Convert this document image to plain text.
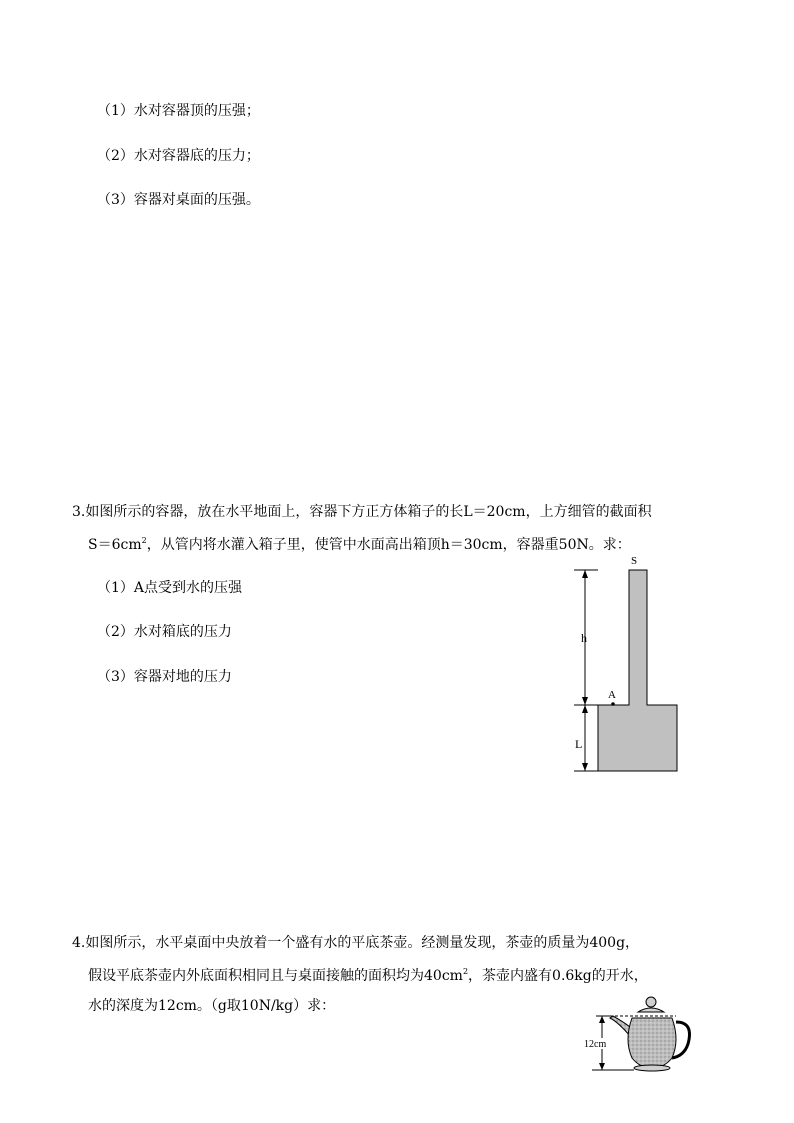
（1）水对容器顶的压强；
（2）水对容器底的压力；
（3）容器对桌面的压强。
3.如图所示的容器，放在水平地面上，容器下方正方体箱子的长L＝20cm，上方细管的截面积
$S=6cm^2$，从管内将水灌入箱子里，使管中水面高出箱顶h＝30cm，容器重50N。求：
（1）A点受到水的压强
（2）水对箱底的压力
（3）容器对地的压力
S
h
A
L
4.如图所示，水平桌面中央放着一个盛有水的平底茶壶。经测量发现，茶壶的质量为400g，
假设平底茶壶内外底面积相同且与桌面接触的面积均为$40cm^2$，茶壶内盛有0.6kg的开水，
水的深度为12cm。（g取10N/kg）求：
12cm
